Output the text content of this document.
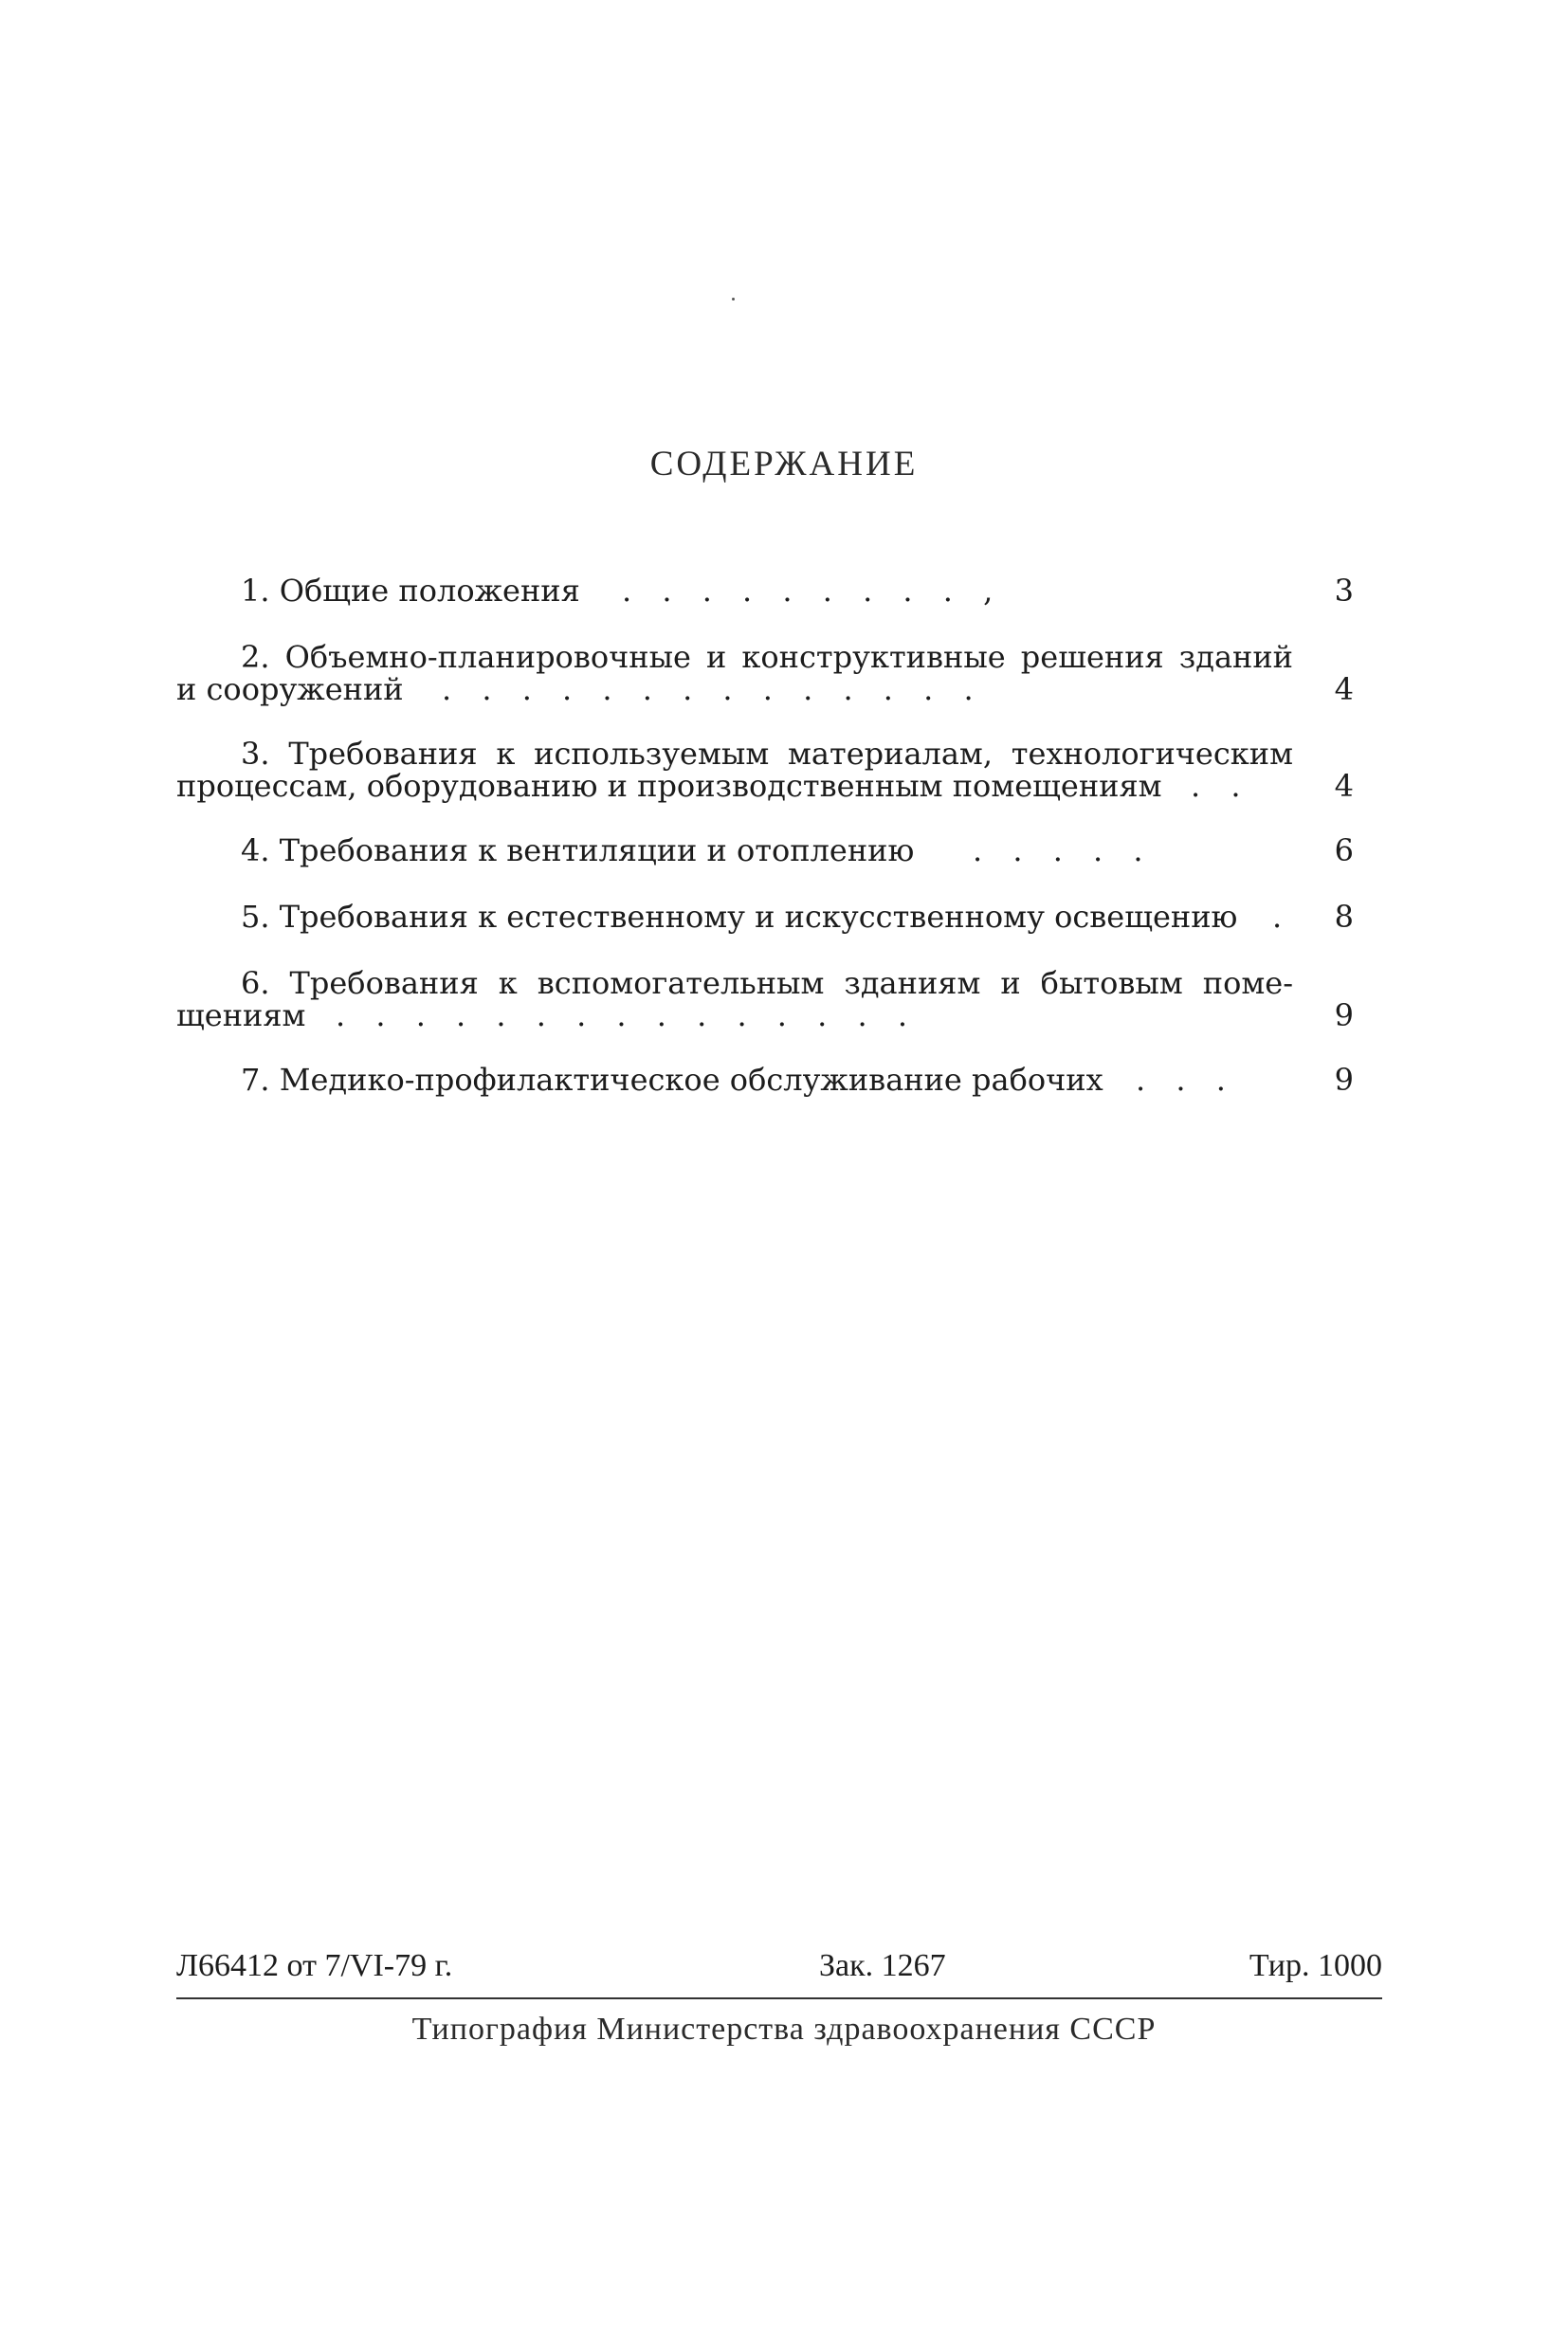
СОДЕРЖАНИЕ
1. Общие положения . . . . . . . . . ,	3
2. Объемно-планировочные и конструктивные решения зданий
и сооружений . . . . . . . . . . . . . .	4
3. Требования к используемым материалам, технологическим
процессам, оборудованию и производственным помещениям . .	4
4. Требования к вентиляции и отоплению . . . . .	6
5. Требования к естественному и искусственному освещению .	8
6. Требования к вспомогательным зданиям и бытовым поме-
щениям . . . . . . . . . . . . . . .	9
7. Медико-профилактическое обслуживание рабочих . . .	9
Л66412 от 7/VI-79 г.	Зак. 1267	Тир. 1000
Типография Министерства здравоохранения СССР
